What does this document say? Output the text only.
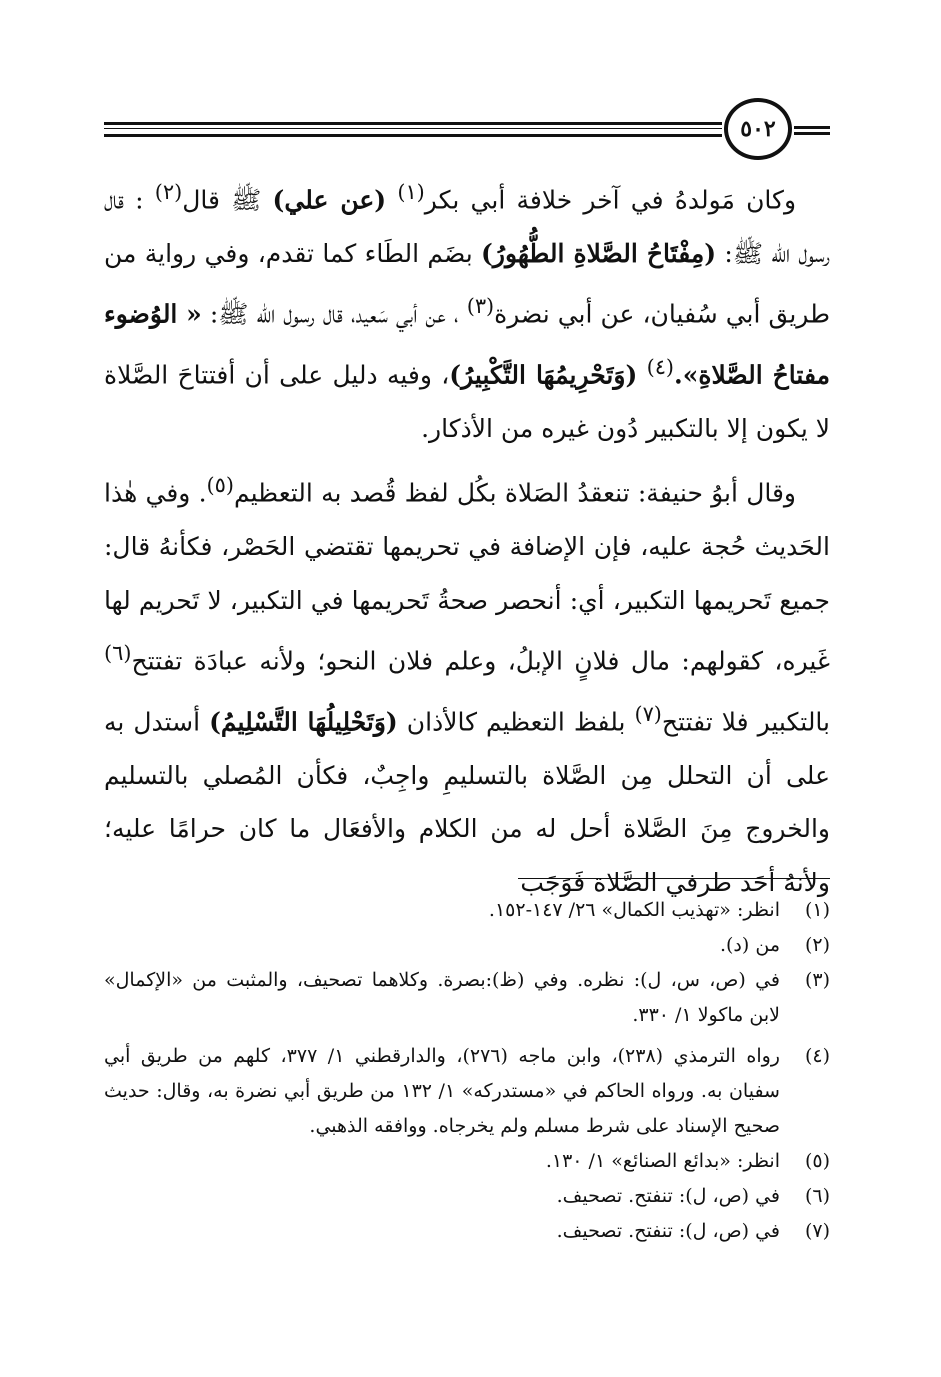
٥٠٢

وكان مَولدهُ في آخر خلافة أبي بكر$^{(١)}$ (عن علي) ﷺ قال$^{(٢)}$ : قال رسول الله ﷺ: (مِفْتَاحُ الصَّلاةِ الطُّهُورُ) بضَم الطَاء كما تقدم، وفي رواية من طريق أبي سُفيان، عن أبي نضرة$^{(٣)}$ ، عن أبي سَعيد، قال رسول الله ﷺ: « الوُضوء مفتاحُ الصَّلاةِ».$^{(٤)}$ (وَتَحْرِيمُهَا التَّكْبِيرُ)، وفيه دليل على أن أفتتاحَ الصَّلاة لا يكون إلا بالتكبير دُون غيره من الأذكار.

وقال أبوُ حنيفة: تنعقدُ الصَلاة بكُل لفظ قُصد به التعظيم$^{(٥)}$. وفي هٰذا الحَديث حُجة عليه، فإن الإضافة في تحريمها تقتضي الحَصْر، فكأنهُ قال: جميع تَحريمها التكبير، أي: أنحصر صحةُ تَحريمها في التكبير، لا تَحريم لها غَيره، كقولهم: مال فلانٍ الإبلُ، وعلم فلان النحو؛ ولأنه عبادَة تفتتح$^{(٦)}$ بالتكبير فلا تفتتح$^{(٧)}$ بلفظ التعظيم كالأذان (وَتَحْلِيلُهَا التَّسْلِيمُ) أستدل به على أن التحلل مِن الصَّلاة بالتسليمِ واجِبٌ، فكأن المُصلي بالتسليم والخروج مِنَ الصَّلاة أحل له من الكلام والأفعَال ما كان حرامًا عليه؛ ولأنهُ أحَد طرفي الصَّلاة فَوَجَب

(١)
انظر: «تهذيب الكمال» ٢٦/ ١٤٧-١٥٢.
(٢)
من (د).
(٣)
في (ص، س، ل): نظره. وفي (ظ):بصرة. وكلاهما تصحيف، والمثبت من «الإكمال» لابن ماكولا ١/ ٣٣٠.
(٤)
رواه الترمذي (٢٣٨)، وابن ماجه (٢٧٦)، والدارقطني ١/ ٣٧٧، كلهم من طريق أبي سفيان به. ورواه الحاكم في «مستدركه» ١/ ١٣٢ من طريق أبي نضرة به، وقال: حديث صحيح الإسناد على شرط مسلم ولم يخرجاه. ووافقه الذهبي.
(٥)
انظر: «بدائع الصنائع» ١/ ١٣٠.
(٦)
في (ص، ل): تنفتح. تصحيف.
(٧)
في (ص، ل): تنفتح. تصحيف.
